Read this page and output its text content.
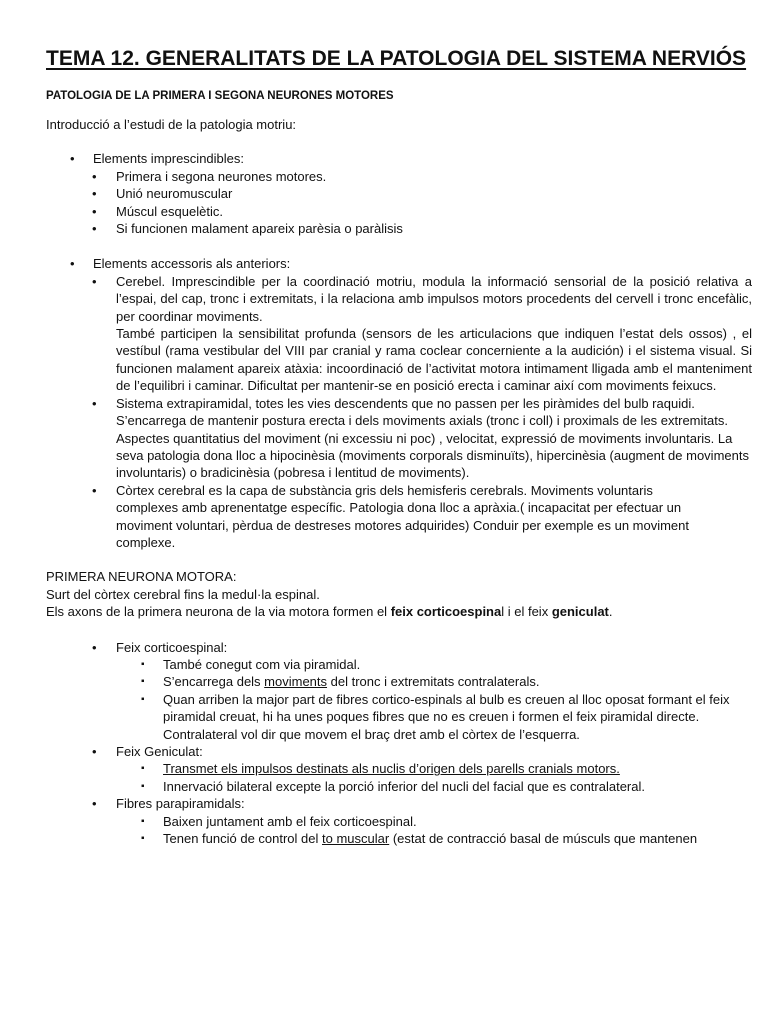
TEMA 12. GENERALITATS DE LA PATOLOGIA DEL SISTEMA NERVIÓS

PATOLOGIA DE LA PRIMERA I SEGONA NEURONES MOTORES

Introducció a l’estudi de la patologia motriu:

• Elements imprescindibles:
• Primera i segona neurones motores.
• Unió neuromuscular
• Múscul esquelètic.
• Si funcionen malament apareix parèsia o paràlisis
• Elements accessoris als anteriors:
• Cerebel. Imprescindible per la coordinació motriu, modula la informació sensorial de la posició relativa a l’espai, del cap, tronc i extremitats, i la relaciona amb impulsos motors procedents del cervell i tronc encefàlic, per coordinar moviments.

També participen la sensibilitat profunda (sensors de les articulacions que indiquen l’estat dels ossos) , el vestíbul (rama vestibular del VIII par cranial y rama coclear concerniente a la audición) i el sistema visual. Si funcionen malament apareix atàxia: incoordinació de l’activitat motora intimament lligada amb el manteniment de l’equilibri i caminar. Dificultat per mantenir-se en posició erecta i caminar així com moviments feixucs.

• Sistema extrapiramidal, totes les vies descendents que no passen per les piràmides del bulb raquidi. S’encarrega de mantenir postura erecta i dels moviments axials (tronc i coll) i proximals de les extremitats. Aspectes quantitatius del moviment (ni excessiu ni poc) , velocitat, expressió de moviments involuntaris. La seva patologia dona lloc a hipocinèsia (moviments corporals disminuïts), hipercinèsia (augment de moviments involuntaris) o bradicinèsia (pobresa i lentitud de moviments).
• Còrtex cerebral es la capa de substància gris dels hemisferis cerebrals. Moviments voluntaris complexes amb aprenentatge específic. Patologia dona lloc a apràxia.( incapacitat per efectuar un moviment voluntari, pèrdua de destreses motores adquirides) Conduir per exemple es un moviment complexe.

PRIMERA NEURONA MOTORA:

Surt del còrtex cerebral fins la medul·la espinal.

Els axons de la primera neurona de la via motora formen el feix corticoespinal i el feix geniculat.

• Feix corticoespinal:
▪ També conegut com via piramidal.
▪ S’encarrega dels moviments del tronc i extremitats contralaterals.
▪ Quan arriben la major part de fibres cortico-espinals al bulb es creuen al lloc oposat formant el feix piramidal creuat, hi ha unes poques fibres que no es creuen i formen el feix piramidal directe. Contralateral vol dir que movem el braç dret amb el còrtex de l’esquerra.
• Feix Geniculat:
▪ Transmet els impulsos destinats als nuclis d’origen dels parells cranials motors.
▪ Innervació bilateral excepte la porció inferior del nucli del facial que es contralateral.
• Fibres parapiramidals:
▪ Baixen juntament amb el feix corticoespinal.
▪ Tenen funció de control del to muscular (estat de contracció basal de músculs que mantenen
